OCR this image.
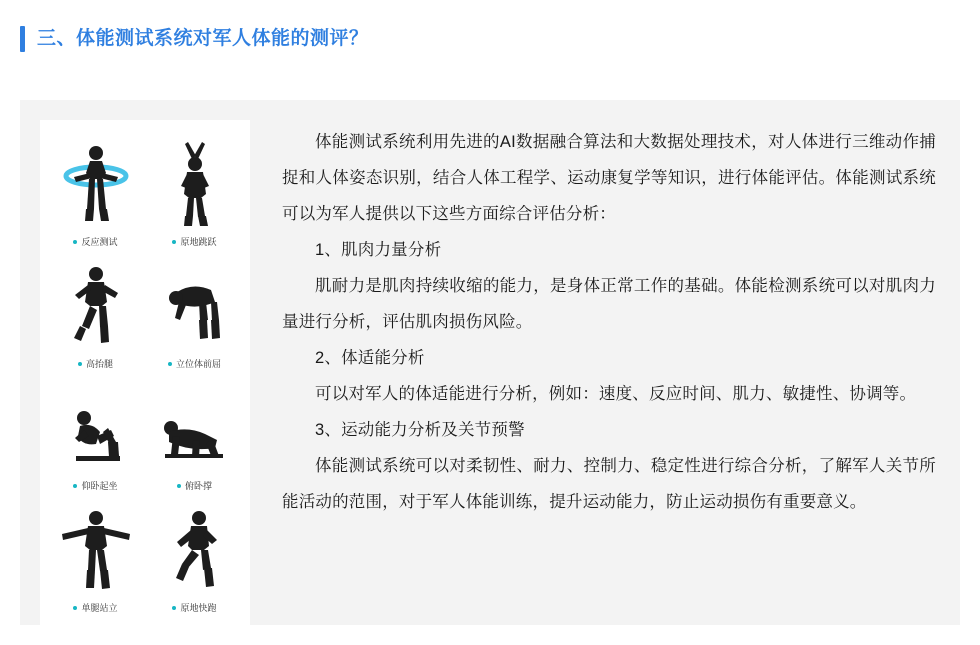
三、体能测试系统对军人体能的测评？
反应测试	原地跳跃
高抬腿	立位体前屈
仰卧起坐	俯卧撑
单腿站立	原地快跑

体能测试系统利用先进的AI数据融合算法和大数据处理技术，对人体进行三维动作捕捉和人体姿态识别，结合人体工程学、运动康复学等知识，进行体能评估。体能测试系统可以为军人提供以下这些方面综合评估分析：

1、肌肉力量分析

肌耐力是肌肉持续收缩的能力，是身体正常工作的基础。体能检测系统可以对肌肉力量进行分析，评估肌肉损伤风险。

2、体适能分析

可以对军人的体适能进行分析，例如：速度、反应时间、肌力、敏捷性、协调等。

3、运动能力分析及关节预警

体能测试系统可以对柔韧性、耐力、控制力、稳定性进行综合分析，了解军人关节所能活动的范围，对于军人体能训练，提升运动能力，防止运动损伤有重要意义。
